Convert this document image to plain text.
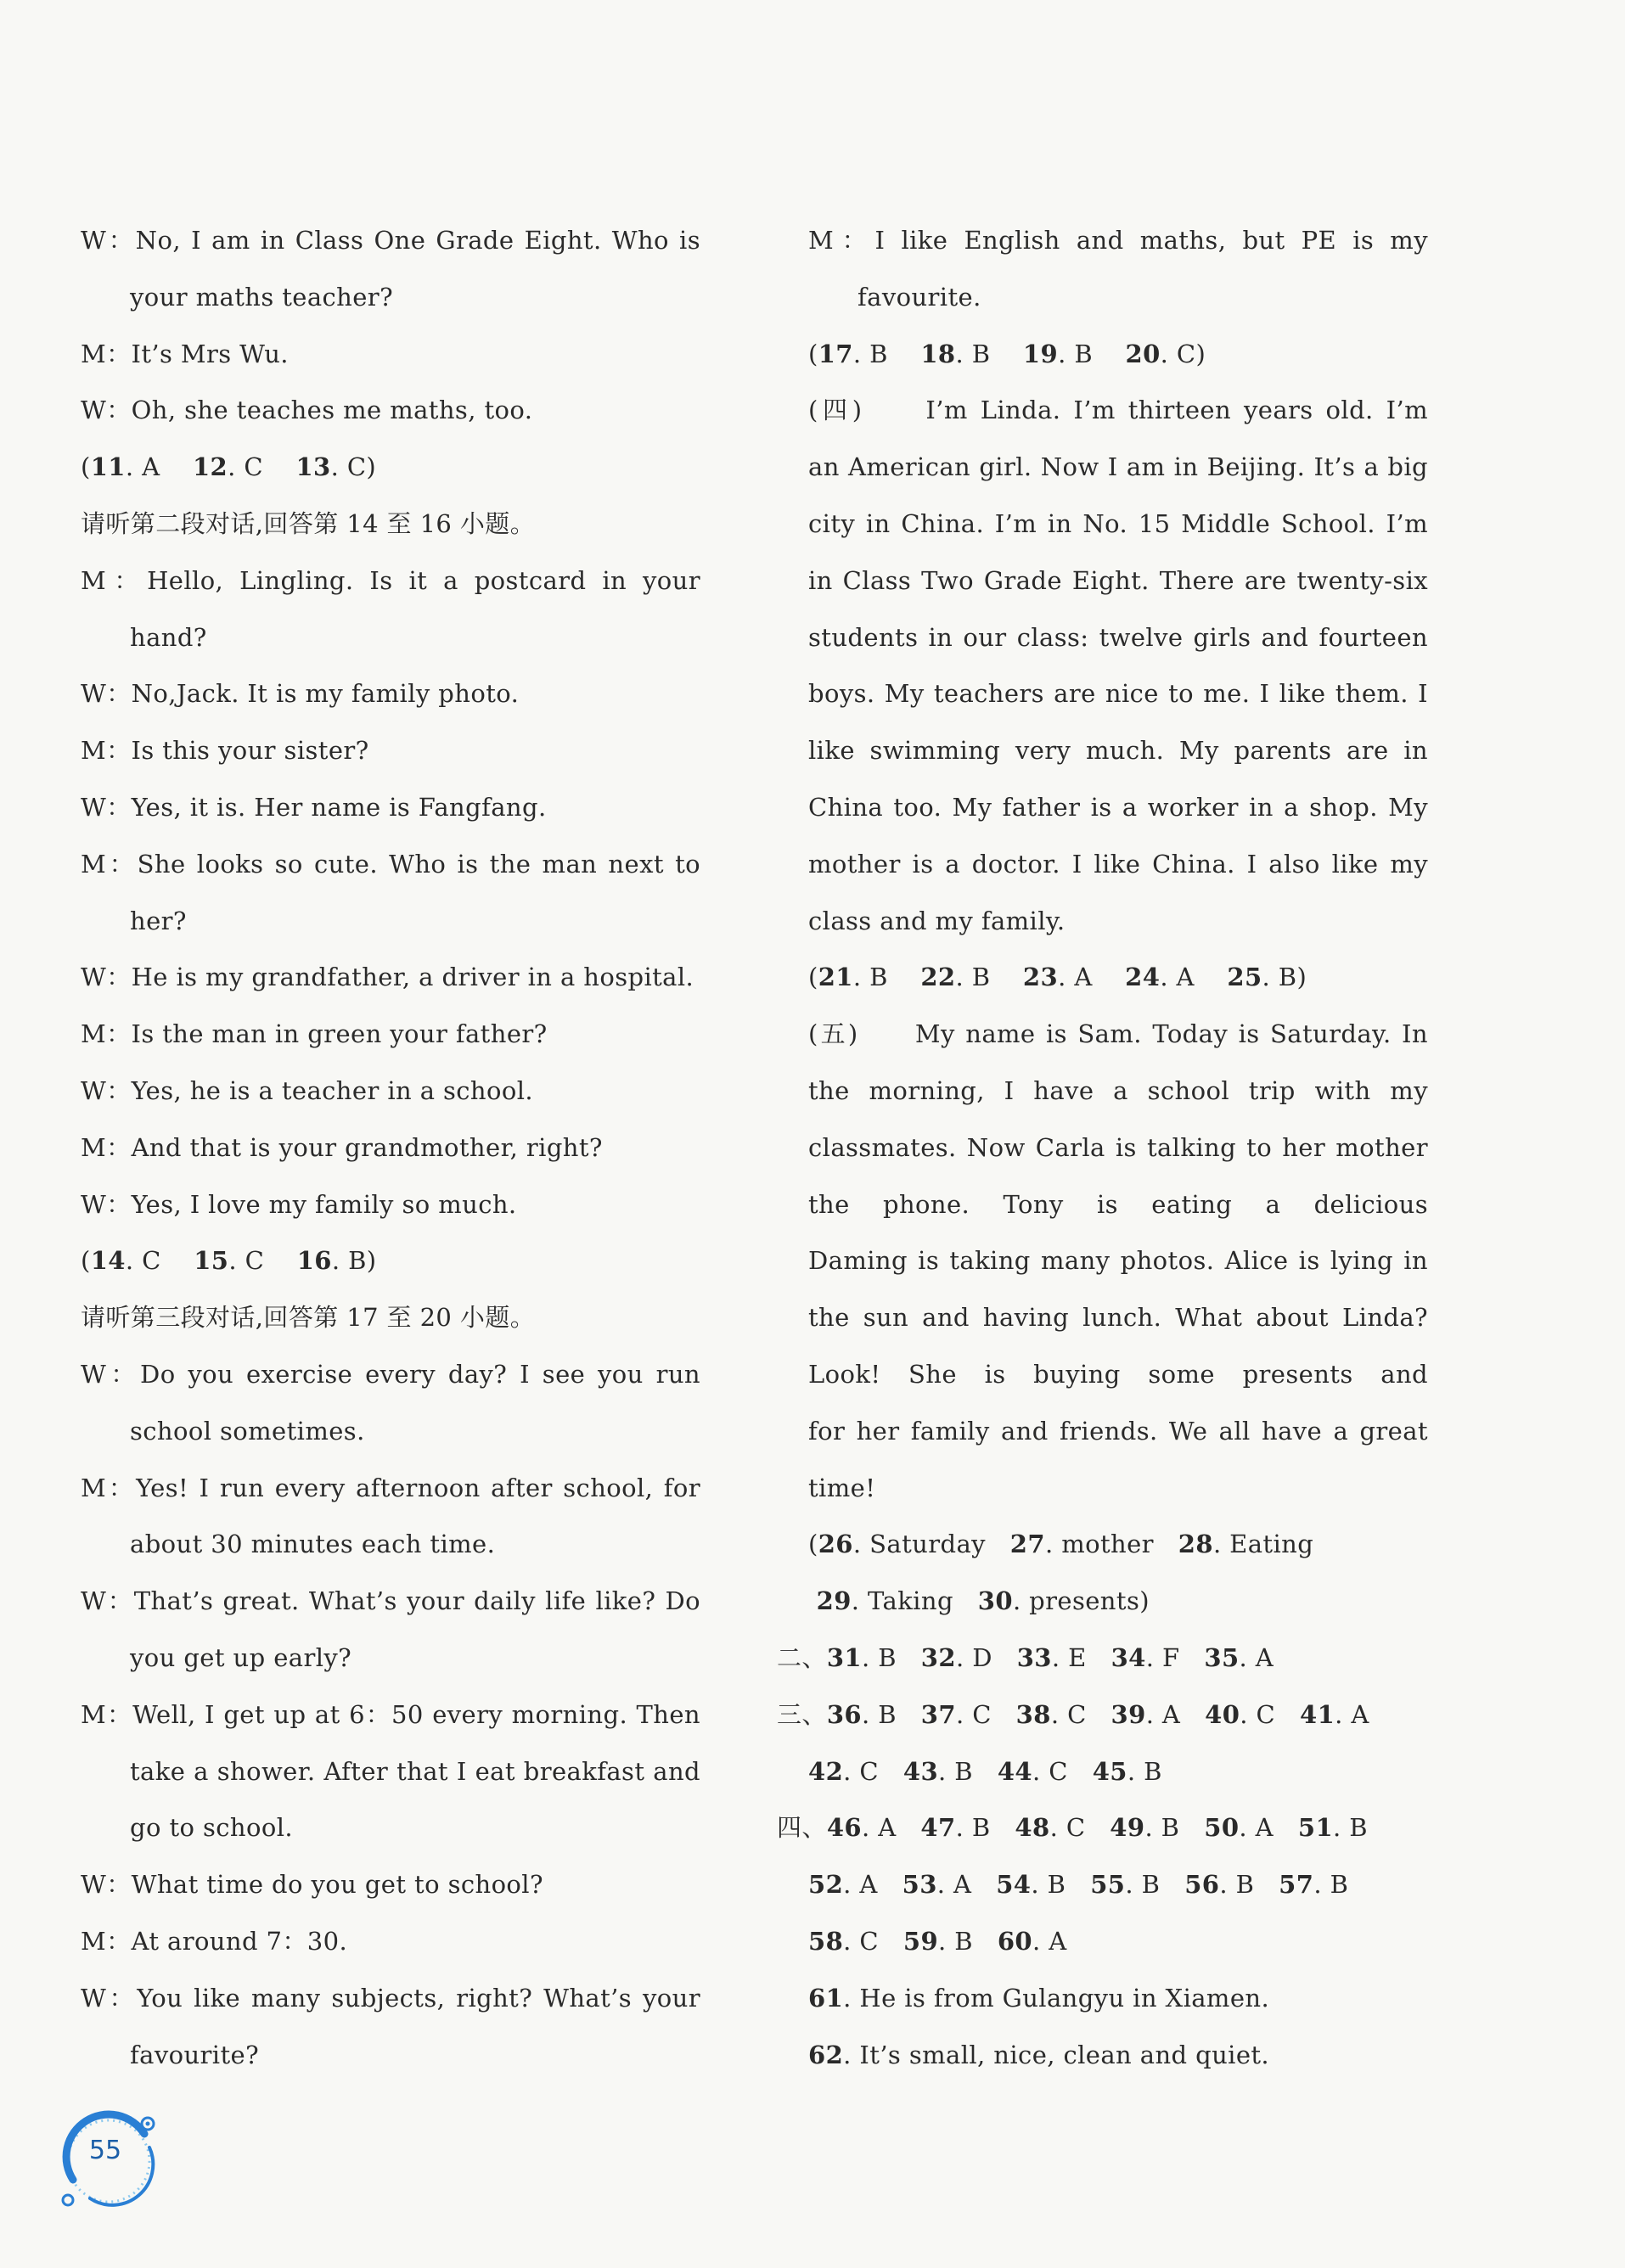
W：No, I am in Class One Grade Eight. Who is
your maths teacher?
M：It’s Mrs Wu.
W：Oh, she teaches me maths, too.
(11. A    12. C    13. C)
请听第二段对话,回答第 14 至 16 小题。
M：Hello, Lingling. Is it a postcard in your
hand?
W：No,Jack. It is my family photo.
M：Is this your sister?
W：Yes, it is. Her name is Fangfang.
M：She looks so cute. Who is the man next to
her?
W：He is my grandfather, a driver in a hospital.
M：Is the man in green your father?
W：Yes, he is a teacher in a school.
M：And that is your grandmother, right?
W：Yes, I love my family so much.
(14. C    15. C    16. B)
请听第三段对话,回答第 17 至 20 小题。
W：Do you exercise every day? I see you run
school sometimes.
M：Yes! I run every afternoon after school, for
about 30 minutes each time.
W：That’s great. What’s your daily life like? Do
you get up early?
M：Well, I get up at 6：50 every morning. Then
take a shower. After that I eat breakfast and
go to school.
W：What time do you get to school?
M：At around 7：30.
W：You like many subjects, right? What’s your
favourite?
M：I like English and maths, but PE is my
favourite.
(17. B    18. B    19. B    20. C)
(四)　　I’m Linda. I’m thirteen years old. I’m
an American girl. Now I am in Beijing. It’s a big
city in China. I’m in No. 15 Middle School. I’m
in Class Two Grade Eight. There are twenty-six
students in our class: twelve girls and fourteen
boys. My teachers are nice to me. I like them. I
like swimming very much. My parents are in
China too. My father is a worker in a shop. My
mother is a doctor. I like China. I also like my
class and my family.
(21. B    22. B    23. A    24. A    25. B)
(五)　　My name is Sam. Today is Saturday. In
the morning, I have a school trip with my
classmates. Now Carla is talking to her mother
the phone. Tony is eating a delicious
Daming is taking many photos. Alice is lying in
the sun and having lunch. What about Linda?
Look! She is buying some presents and
for her family and friends. We all have a great
time!
(26. Saturday   27. mother   28. Eating
29. Taking   30. presents)
二、31. B   32. D   33. E   34. F   35. A
三、36. B   37. C   38. C   39. A   40. C   41. A
42. C   43. B   44. C   45. B
四、46. A   47. B   48. C   49. B   50. A   51. B
52. A   53. A   54. B   55. B   56. B   57. B
58. C   59. B   60. A
61. He is from Gulangyu in Xiamen.
62. It’s small, nice, clean and quiet.
55
